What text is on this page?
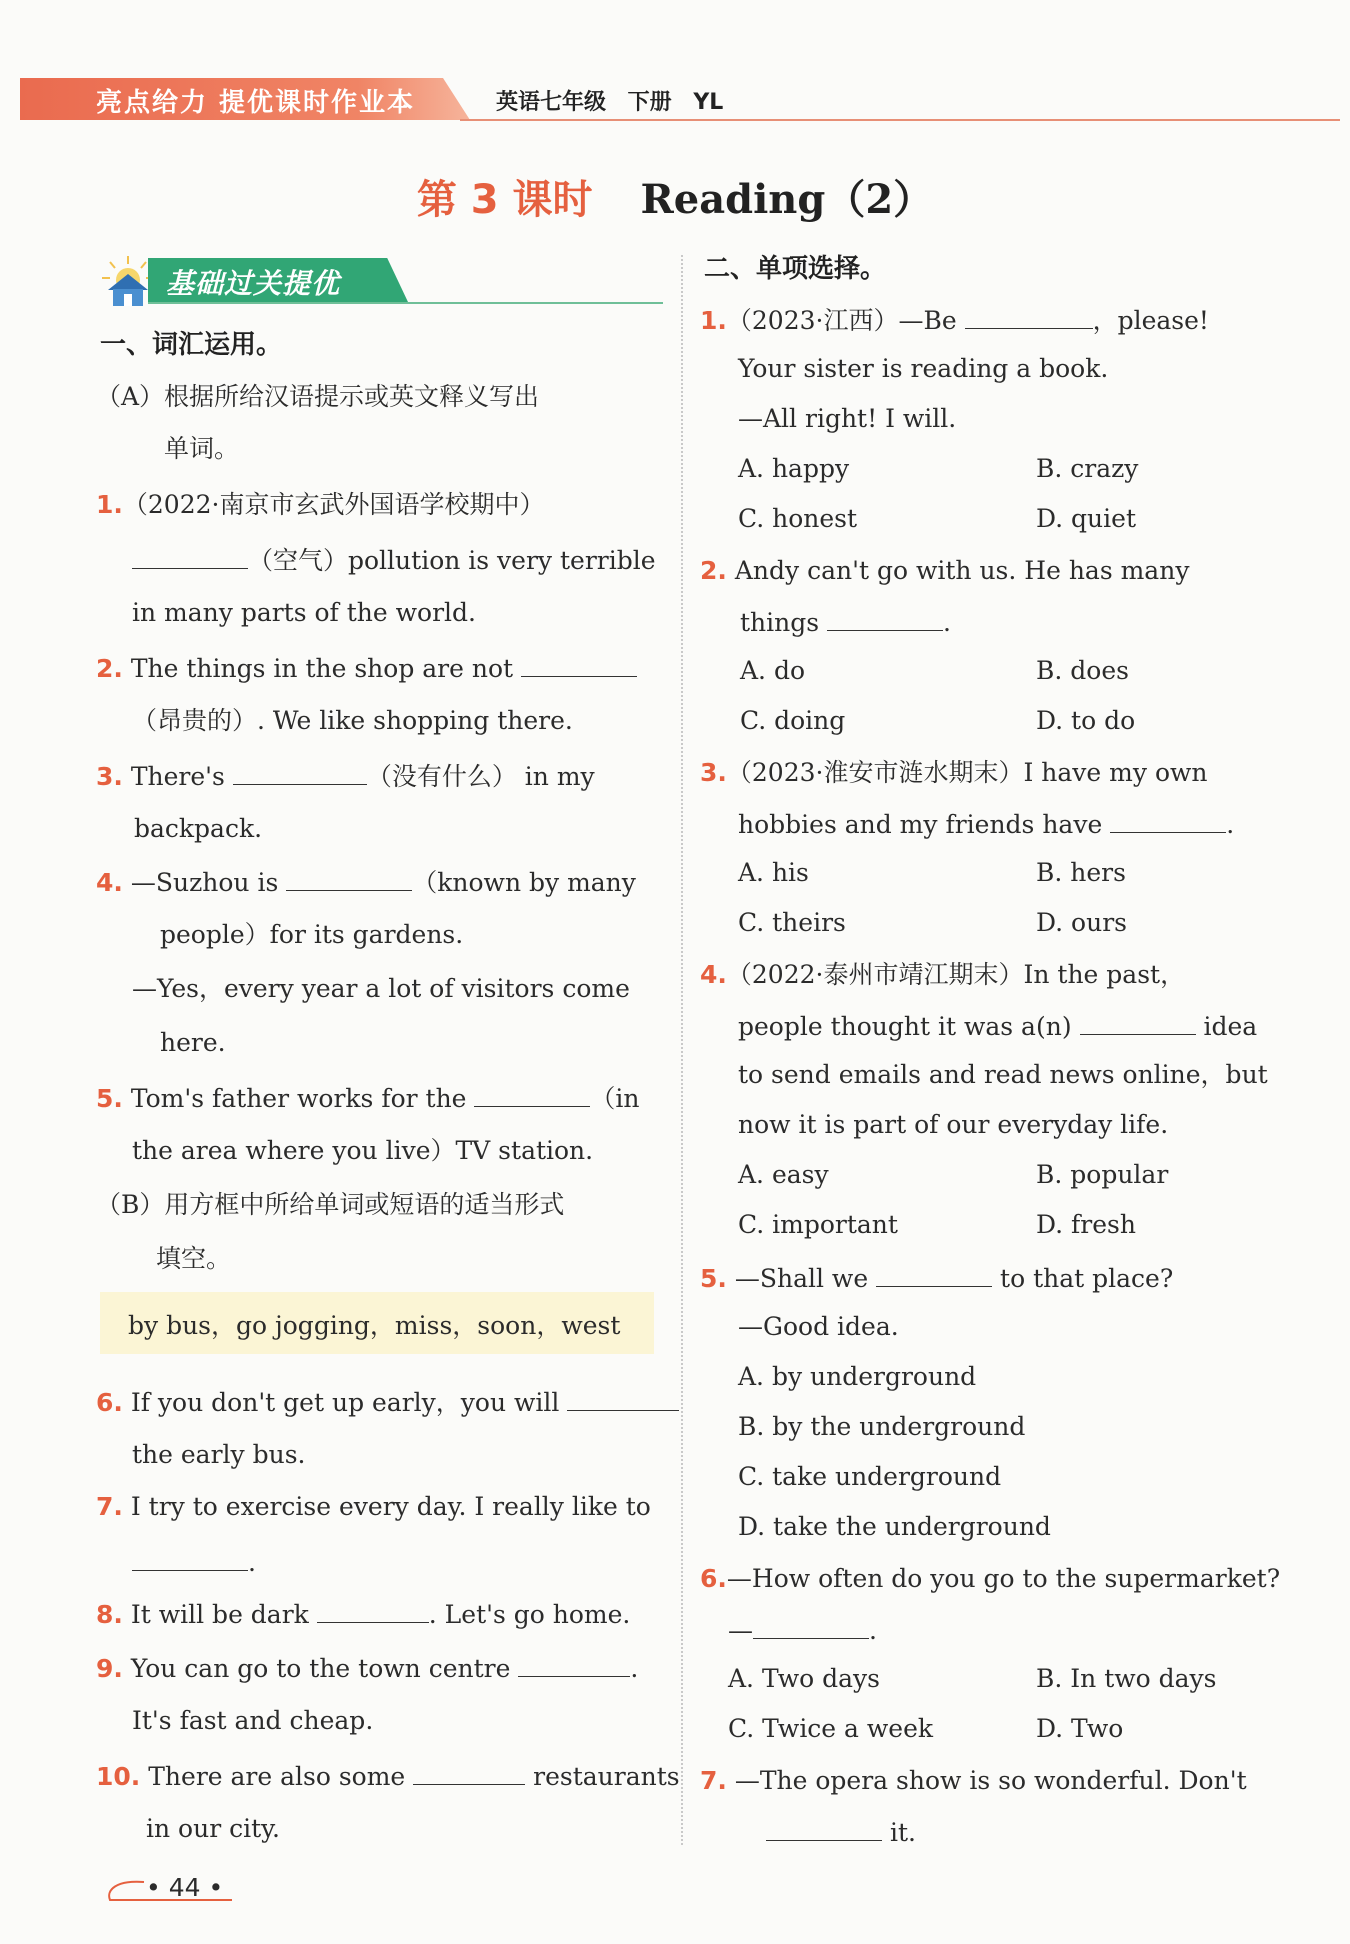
亮点给力 提优课时作业本	英语七年级 下册 YL
第 3 课时 Reading（2）
基础过关提优
一、词汇运用。
（A）根据所给汉语提示或英文释义写出
单词。
1.（2022·南京市玄武外国语学校期中）
（空气）pollution is very terrible
in many parts of the world.
2. The things in the shop are not
（昂贵的）. We like shopping there.
3. There's	（没有什么） in my
backpack.
4. —Suzhou is	（known by many
people）for its gardens.
—Yes，every year a lot of visitors come
here.
5. Tom's father works for the	（in
the area where you live）TV station.
（B）用方框中所给单词或短语的适当形式
填空。
by bus，go jogging，miss，soon，west
6. If you don't get up early，you will
the early bus.
7. I try to exercise every day. I really like to
.
8. It will be dark	. Let's go home.
9. You can go to the town centre	.
It's fast and cheap.
10. There are also some	restaurants
in our city.
二、单项选择。
1.（2023·江西）—Be	，please!
Your sister is reading a book.
—All right! I will.
A. happy	B. crazy
C. honest	D. quiet
2. Andy can't go with us. He has many
things	.
A. do	B. does
C. doing	D. to do
3.（2023·淮安市涟水期末）I have my own
hobbies and my friends have	.
A. his	B. hers
C. theirs	D. ours
4.（2022·泰州市靖江期末）In the past，
people thought it was a(n)	idea
to send emails and read news online，but
now it is part of our everyday life.
A. easy	B. popular
C. important	D. fresh
5. —Shall we	to that place?
—Good idea.
A. by underground
B. by the underground
C. take underground
D. take the underground
6.—How often do you go to the supermarket?
—	.
A. Two days	B. In two days
C. Twice a week	D. Two
7. —The opera show is so wonderful. Don't
it.
• 44 •
